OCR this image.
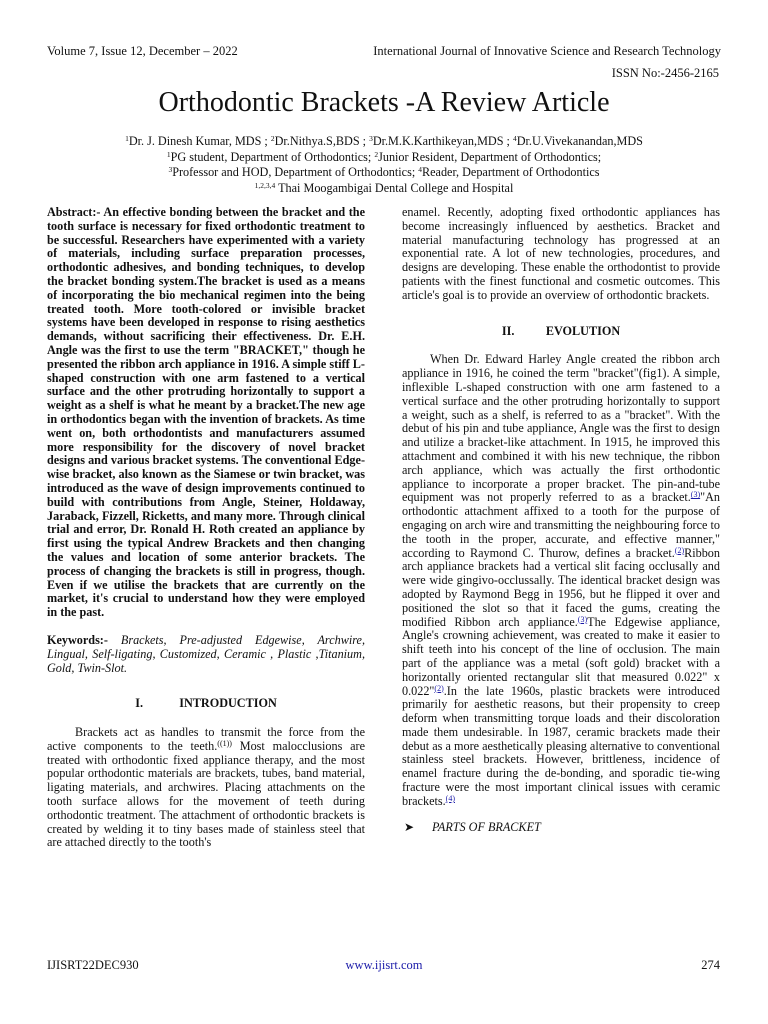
Volume 7, Issue 12, December – 2022	International Journal of Innovative Science and Research Technology
ISSN No:-2456-2165
Orthodontic Brackets -A Review Article
$^1$Dr. J. Dinesh Kumar, MDS ; $^2$Dr.Nithya.S,BDS ; $^3$Dr.M.K.Karthikeyan,MDS ; $^4$Dr.U.Vivekanandan,MDS
$^1$PG student, Department of Orthodontics; $^2$Junior Resident, Department of Orthodontics;
$^3$Professor and HOD, Department of Orthodontics; $^4$Reader, Department of Orthodontics
$^{1,2,3,4}$ Thai Moogambigai Dental College and Hospital

Abstract:- An effective bonding between the bracket and the tooth surface is necessary for fixed orthodontic treatment to be successful. Researchers have experimented with a variety of materials, including surface preparation processes, orthodontic adhesives, and bonding techniques, to develop the bracket bonding system.The bracket is used as a means of incorporating the bio mechanical regimen into the being treated tooth. More tooth-colored or invisible bracket systems have been developed in response to rising aesthetics demands, without sacrificing their effectiveness. Dr. E.H. Angle was the first to use the term "BRACKET," though he presented the ribbon arch appliance in 1916. A simple stiff L-shaped construction with one arm fastened to a vertical surface and the other protruding horizontally to support a weight as a shelf is what he meant by a bracket.The new age in orthodontics began with the invention of brackets. As time went on, both orthodontists and manufacturers assumed more responsibility for the discovery of novel bracket designs and various bracket systems. The conventional Edge-wise bracket, also known as the Siamese or twin bracket, was introduced as the wave of design improvements continued to build with contributions from Angle, Steiner, Holdaway, Jaraback, Fizzell, Ricketts, and many more. Through clinical trial and error, Dr. Ronald H. Roth created an appliance by first using the typical Andrew Brackets and then changing the values and location of some anterior brackets. The process of changing the brackets is still in progress, though. Even if we utilise the brackets that are currently on the market, it's crucial to understand how they were employed in the past.

Keywords:- Brackets, Pre-adjusted Edgewise, Archwire, Lingual, Self-ligating, Customized, Ceramic , Plastic ,Titanium, Gold, Twin-Slot.

I.	INTRODUCTION

Brackets act as handles to transmit the force from the active components to the teeth.$^{((1))}$ Most malocclusions are treated with orthodontic fixed appliance therapy, and the most popular orthodontic materials are brackets, tubes, band material, ligating materials, and archwires. Placing attachments on the tooth surface allows for the movement of teeth during orthodontic treatment. The attachment of orthodontic brackets is created by welding it to tiny bases made of stainless steel that are attached directly to the tooth's

enamel. Recently, adopting fixed orthodontic appliances has become increasingly influenced by aesthetics. Bracket and material manufacturing technology has progressed at an exponential rate. A lot of new technologies, procedures, and designs are developing. These enable the orthodontist to provide patients with the finest functional and cosmetic outcomes. This article's goal is to provide an overview of orthodontic brackets.

II.	EVOLUTION

When Dr. Edward Harley Angle created the ribbon arch appliance in 1916, he coined the term "bracket"(fig1). A simple, inflexible L-shaped construction with one arm fastened to a vertical surface and the other protruding horizontally to support a weight, such as a shelf, is referred to as a "bracket". With the debut of his pin and tube appliance, Angle was the first to design and utilize a bracket-like attachment. In 1915, he improved this attachment and combined it with his new technique, the ribbon arch appliance, which was actually the first orthodontic appliance to incorporate a proper bracket. The pin-and-tube equipment was not properly referred to as a bracket.$^{(3)}$"An orthodontic attachment affixed to a tooth for the purpose of engaging on arch wire and transmitting the neighbouring force to the tooth in the proper, accurate, and effective manner," according to Raymond C. Thurow, defines a bracket.$^{(2)}$Ribbon arch appliance brackets had a vertical slit facing occlusally and were wide gingivo-occlussally. The identical bracket design was adopted by Raymond Begg in 1956, but he flipped it over and positioned the slot so that it faced the gums, creating the modified Ribbon arch appliance.$^{(3)}$The Edgewise appliance, Angle's crowning achievement, was created to make it easier to shift teeth into his concept of the line of occlusion. The main part of the appliance was a metal (soft gold) bracket with a horizontally oriented rectangular slit that measured 0.022" x 0.022"$^{(2)}$.In the late 1960s, plastic brackets were introduced primarily for aesthetic reasons, but their propensity to creep deform when transmitting torque loads and their discoloration made them undesirable. In 1987, ceramic brackets made their debut as a more aesthetically pleasing alternative to conventional stainless steel brackets. However, brittleness, incidence of enamel fracture during the de-bonding, and sporadic tie-wing fracture were the most important clinical issues with ceramic brackets.$^{(4)}$

➤ PARTS OF BRACKET

IJISRT22DEC930	www.ijisrt.com	274
